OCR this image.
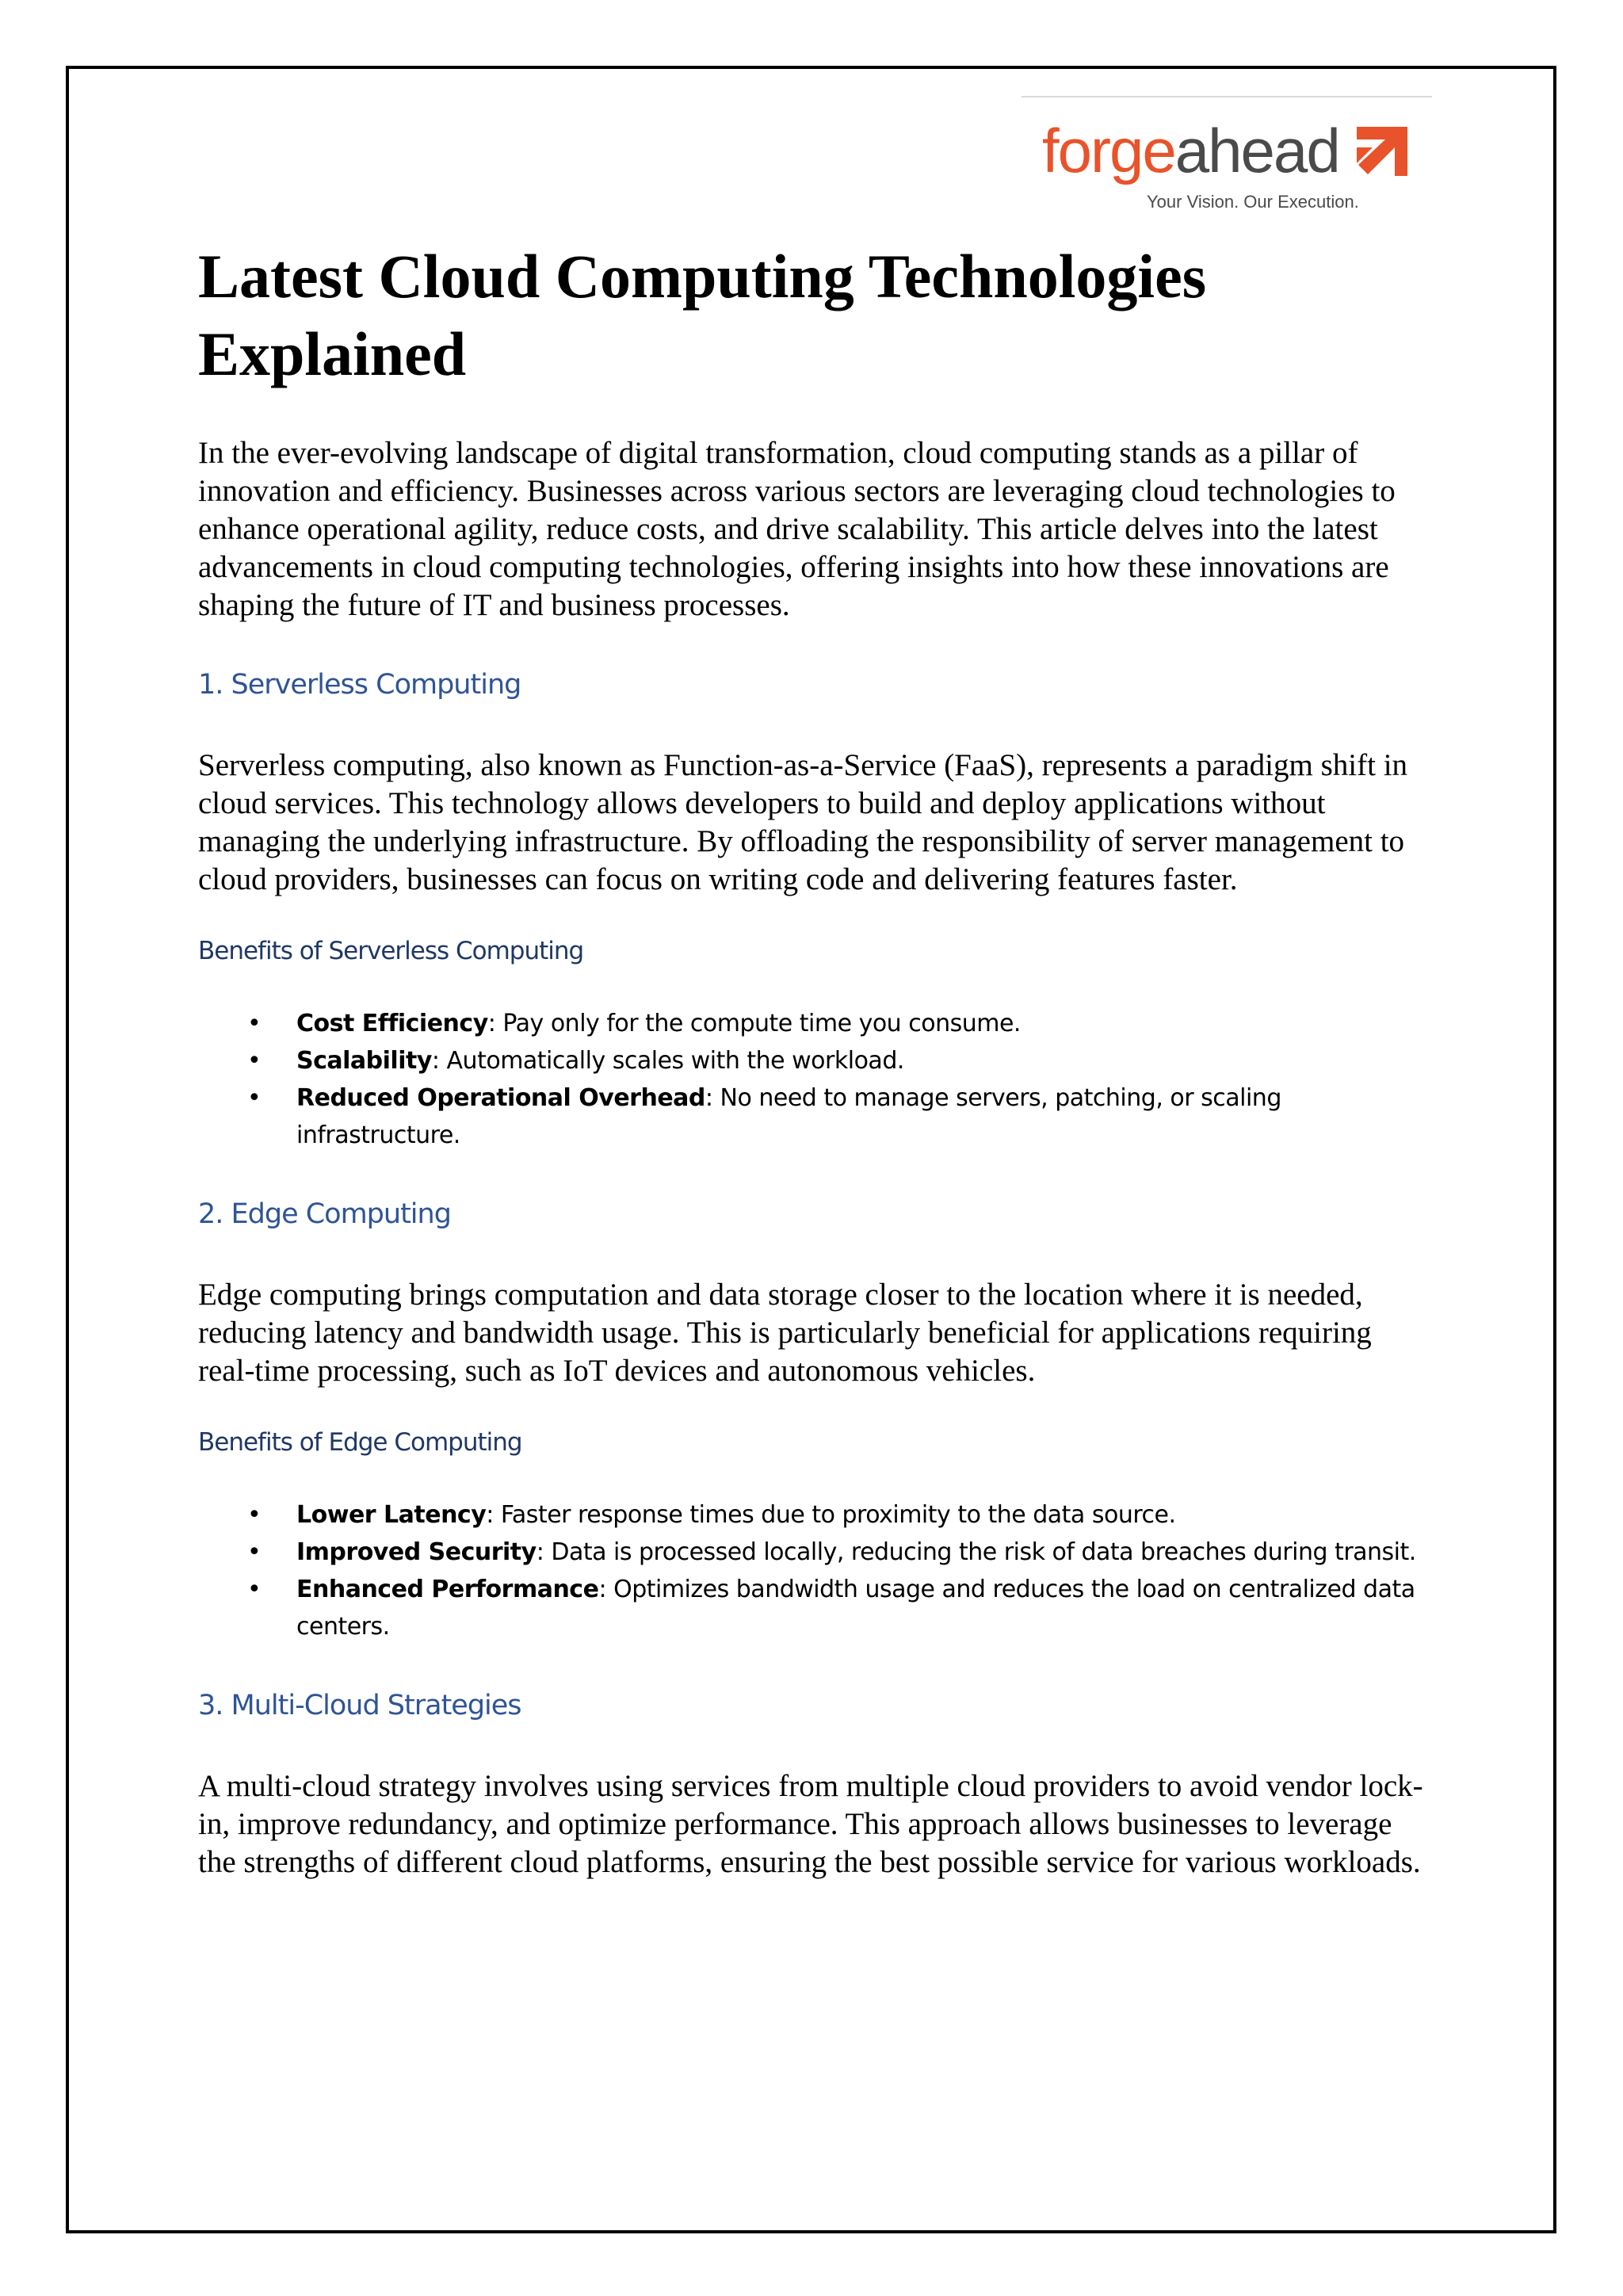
forgeahead
Your Vision. Our Execution.
Latest Cloud Computing Technologies Explained

In the ever-evolving landscape of digital transformation, cloud computing stands as a pillar of innovation and efficiency. Businesses across various sectors are leveraging cloud technologies to enhance operational agility, reduce costs, and drive scalability. This article delves into the latest advancements in cloud computing technologies, offering insights into how these innovations are shaping the future of IT and business processes.

1. Serverless Computing

Serverless computing, also known as Function-as-a-Service (FaaS), represents a paradigm shift in cloud services. This technology allows developers to build and deploy applications without managing the underlying infrastructure. By offloading the responsibility of server management to cloud providers, businesses can focus on writing code and delivering features faster.

Benefits of Serverless Computing
• Cost Efficiency: Pay only for the compute time you consume.
• Scalability: Automatically scales with the workload.
• Reduced Operational Overhead: No need to manage servers, patching, or scaling infrastructure.
2. Edge Computing

Edge computing brings computation and data storage closer to the location where it is needed, reducing latency and bandwidth usage. This is particularly beneficial for applications requiring real-time processing, such as IoT devices and autonomous vehicles.

Benefits of Edge Computing
• Lower Latency: Faster response times due to proximity to the data source.
• Improved Security: Data is processed locally, reducing the risk of data breaches during transit.
• Enhanced Performance: Optimizes bandwidth usage and reduces the load on centralized data centers.
3. Multi-Cloud Strategies

A multi-cloud strategy involves using services from multiple cloud providers to avoid vendor lock-in, improve redundancy, and optimize performance. This approach allows businesses to leverage the strengths of different cloud platforms, ensuring the best possible service for various workloads.
